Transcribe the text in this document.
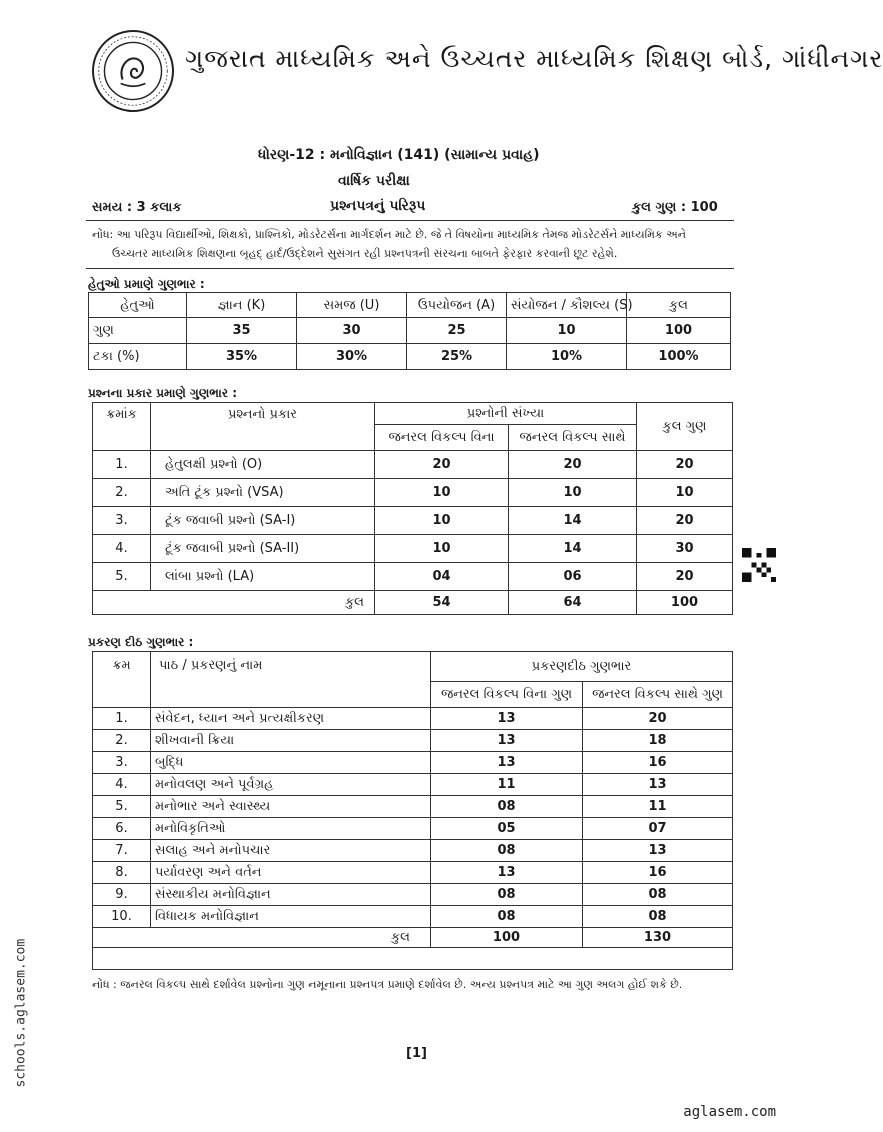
ગુજરાત માધ્યમિક અને ઉચ્ચતર માધ્યમિક શિક્ષણ બોર્ડ, ગાંધીનગર
ધોરણ-12 : મનોવિજ્ઞાન (141) (સામાન્ય પ્રવાહ)
વાર્ષિક પરીક્ષા
સમય : 3 કલાક	પ્રશ્નપત્રનું પરિરૂપ	કુલ ગુણ : 100
નોંધ: આ પરિરૂપ વિદ્યાર્થીઓ, શિક્ષકો, પ્રાશ્નિકો, મોડરેટર્સના માર્ગદર્શન માટે છે. જે તે વિષયોના માધ્યમિક તેમજ મોડરેટર્સને માધ્યમિક અને
ઉચ્ચતર માધ્યમિક શિક્ષણના બૃહદ્‌ હાર્દ/ઉદ્દેશને સુસંગત રહી પ્રશ્નપત્રની સંરચના બાબતે ફેરફાર કરવાની છૂટ રહેશે.
હેતુઓ પ્રમાણે ગુણભાર :
હેતુઓ	જ્ઞાન (K)	સમજ (U)	ઉપયોજન (A)	સંયોજન / કૌશલ્ય (S)	કુલ
ગુણ	35	30	25	10	100
ટકા (%)	35%	30%	25%	10%	100%
પ્રશ્નના પ્રકાર પ્રમાણે ગુણભાર :
ક્રમાંક	પ્રશ્નનો પ્રકાર	પ્રશ્નોની સંખ્યા		કુલ ગુણ
		જનરલ વિકલ્પ વિના	જનરલ વિકલ્પ સાથે	
1.	હેતુલક્ષી પ્રશ્નો (O)	20	20	20
2.	અતિ ટૂંક પ્રશ્નો (VSA)	10	10	10
3.	ટૂંક જવાબી પ્રશ્નો (SA-I)	10	14	20
4.	ટૂંક જવાબી પ્રશ્નો (SA-II)	10	14	30
5.	લાંબા પ્રશ્નો (LA)	04	06	20
કુલ		54	64	100
પ્રકરણ દીઠ ગુણભાર :
ક્રમ	પાઠ / પ્રકરણનું નામ	પ્રકરણદીઠ ગુણભાર	
		જનરલ વિકલ્પ વિના ગુણ	જનરલ વિકલ્પ સાથે ગુણ
1.	સંવેદન, ધ્યાન અને પ્રત્યક્ષીકરણ	13	20
2.	શીખવાની ક્રિયા	13	18
3.	બુદ્ધિ	13	16
4.	મનોવલણ અને પૂર્વગ્રહ	11	13
5.	મનોભાર અને સ્વાસ્થ્ય	08	11
6.	મનોવિકૃતિઓ	05	07
7.	સલાહ અને મનોપચાર	08	13
8.	પર્યાવરણ અને વર્તન	13	16
9.	સંસ્થાકીય મનોવિજ્ઞાન	08	08
10.	વિધાયક મનોવિજ્ઞાન	08	08
કુલ		100	130

નોંધ : જનરલ વિકલ્પ સાથે દર્શાવેલ પ્રશ્નોના ગુણ નમૂનાના પ્રશ્નપત્ર પ્રમાણે દર્શાવેલ છે. અન્ય પ્રશ્નપત્ર માટે આ ગુણ અલગ હોઈ શકે છે.
[1]
schools.aglasem.com
aglasem.com
